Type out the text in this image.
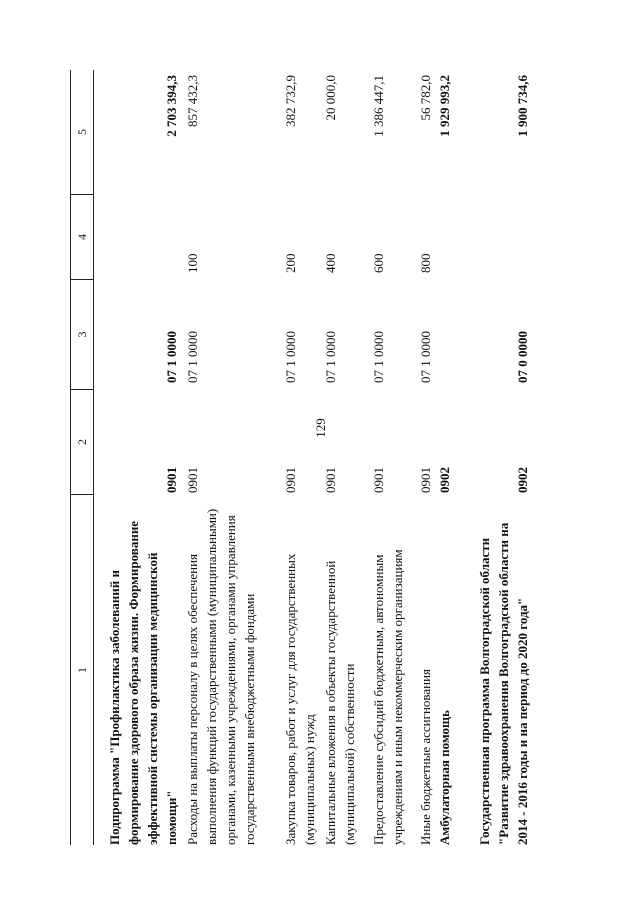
129
1
2
3
4
5
Подпрограмма "Профилактика заболеваний и формирование здорового образа жизни. Формирование эффективной системы организации медицинской помощи"
0901
07 1 0000
2 703 394,3
Расходы на выплаты персоналу в целях обеспечения выполнения функций государственными (муниципальными) органами, казенными учреждениями, органами управления государственными внебюджетными фондами
0901
07 1 0000
100
857 432,3
Закупка товаров, работ и услуг для государственных (муниципальных) нужд
0901
07 1 0000
200
382 732,9
Капитальные вложения в объекты государственной (муниципальной) собственности
0901
07 1 0000
400
20 000,0
Предоставление субсидий бюджетным, автономным учреждениям и иным некоммерческим организациям
0901
07 1 0000
600
1 386 447,1
Иные бюджетные ассигнования
0901
07 1 0000
800
56 782,0
Амбулаторная помощь
0902
1 929 993,2
Государственная программа Волгоградской области "Развитие здравоохранения Волгоградской области на 2014 - 2016 годы и на период до 2020 года"
0902
07 0 0000
1 900 734,6
